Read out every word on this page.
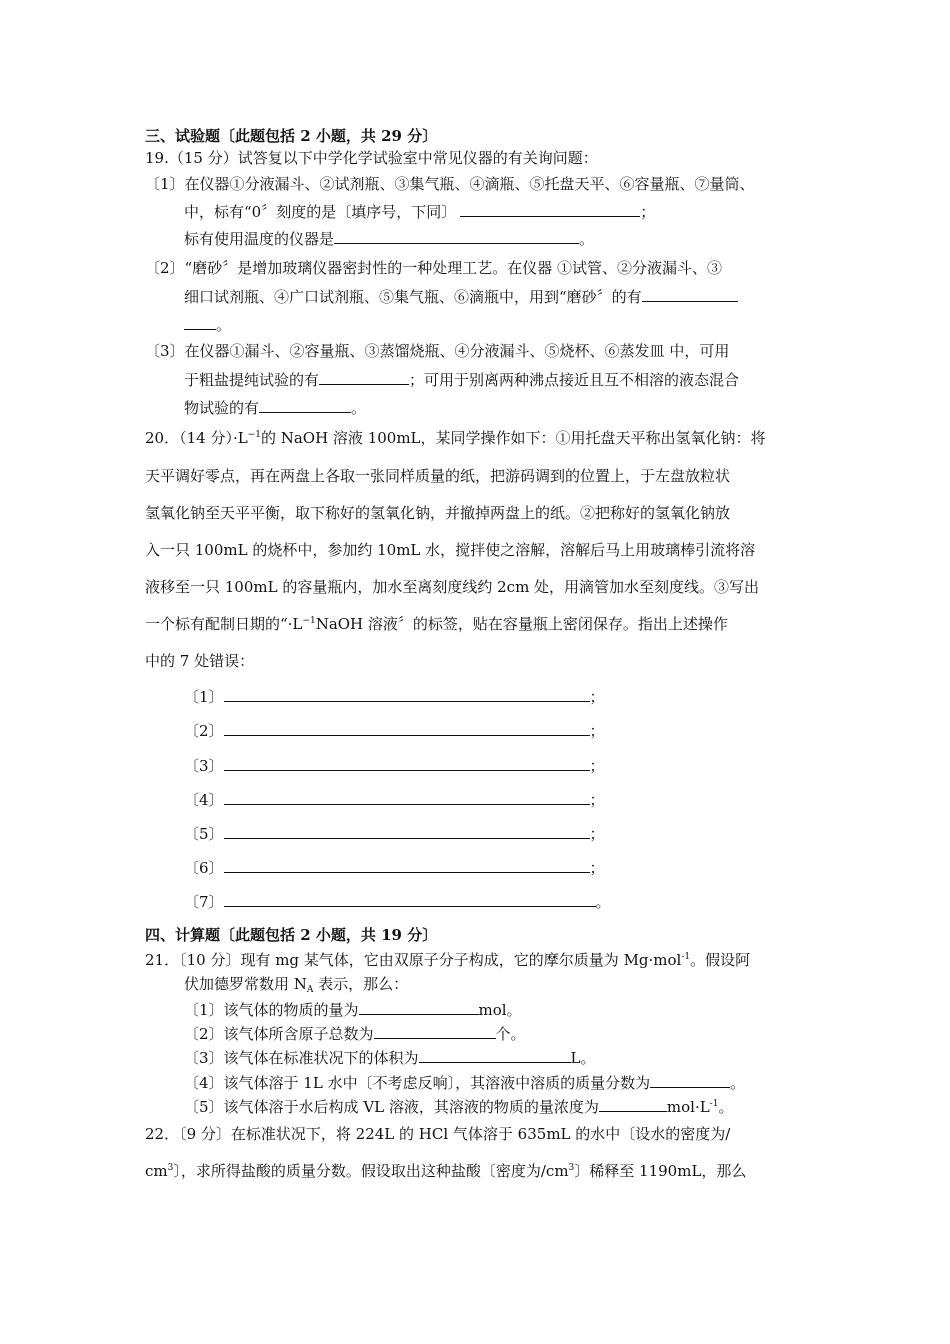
三、试验题〔此题包括 2 小题，共 29 分〕
19.（15 分）试答复以下中学化学试验室中常见仪器的有关询问题：
〔1〕在仪器①分液漏斗、②试剂瓶、③集气瓶、④滴瓶、⑤托盘天平、⑥容量瓶、⑦量筒、
中，标有“0〞刻度的是〔填序号，下同〕	；
标有使用温度的仪器是	。
〔2〕“磨砂〞是增加玻璃仪器密封性的一种处理工艺。在仪器 ①试管、②分液漏斗、③
细口试剂瓶、④广口试剂瓶、⑤集气瓶、⑥滴瓶中，用到“磨砂〞的有
。
〔3〕在仪器①漏斗、②容量瓶、③蒸馏烧瓶、④分液漏斗、⑤烧杯、⑥蒸发皿 中，可用
于粗盐提纯试验的有	；可用于别离两种沸点接近且互不相溶的液态混合
物试验的有	。
20．（14 分）$\cdot L^{-1}$的 NaOH 溶液 100mL，某同学操作如下：①用托盘天平称出氢氧化钠：将
天平调好零点，再在两盘上各取一张同样质量的纸，把游码调到的位置上，于左盘放粒状
氢氧化钠至天平平衡，取下称好的氢氧化钠，并撤掉两盘上的纸。②把称好的氢氧化钠放
入一只 100mL 的烧杯中，参加约 10mL 水，搅拌使之溶解，溶解后马上用玻璃棒引流将溶
液移至一只 100mL 的容量瓶内，加水至离刻度线约 2cm 处，用滴管加水至刻度线。③写出
一个标有配制日期的“$\cdot L^{-1}NaOH$ 溶液〞的标签，贴在容量瓶上密闭保存。指出上述操作
中的 7 处错误：
〔1〕	；
〔2〕	；
〔3〕	；
〔4〕	；
〔5〕	；
〔6〕	；
〔7〕	。
四、计算题〔此题包括 2 小题，共 19 分〕
21．〔10 分〕现有 mg 某气体，它由双原子分子构成，它的摩尔质量为 Mg·mol$^{-1}$。假设阿
伏加德罗常数用 $N_A$ 表示，那么：
〔1〕该气体的物质的量为	mol。
〔2〕该气体所含原子总数为	个。
〔3〕该气体在标准状况下的体积为	L。
〔4〕该气体溶于 1L 水中〔不考虑反响〕，其溶液中溶质的质量分数为	。
〔5〕该气体溶于水后构成 VL 溶液，其溶液的物质的量浓度为	$mol\cdot L^{-1}$。
22．〔9 分〕在标准状况下，将 224L 的 HCl 气体溶于 635mL 的水中〔设水的密度为/
$cm^3$〕，求所得盐酸的质量分数。假设取出这种盐酸〔密度为$/cm^3$〕稀释至 1190mL，那么
